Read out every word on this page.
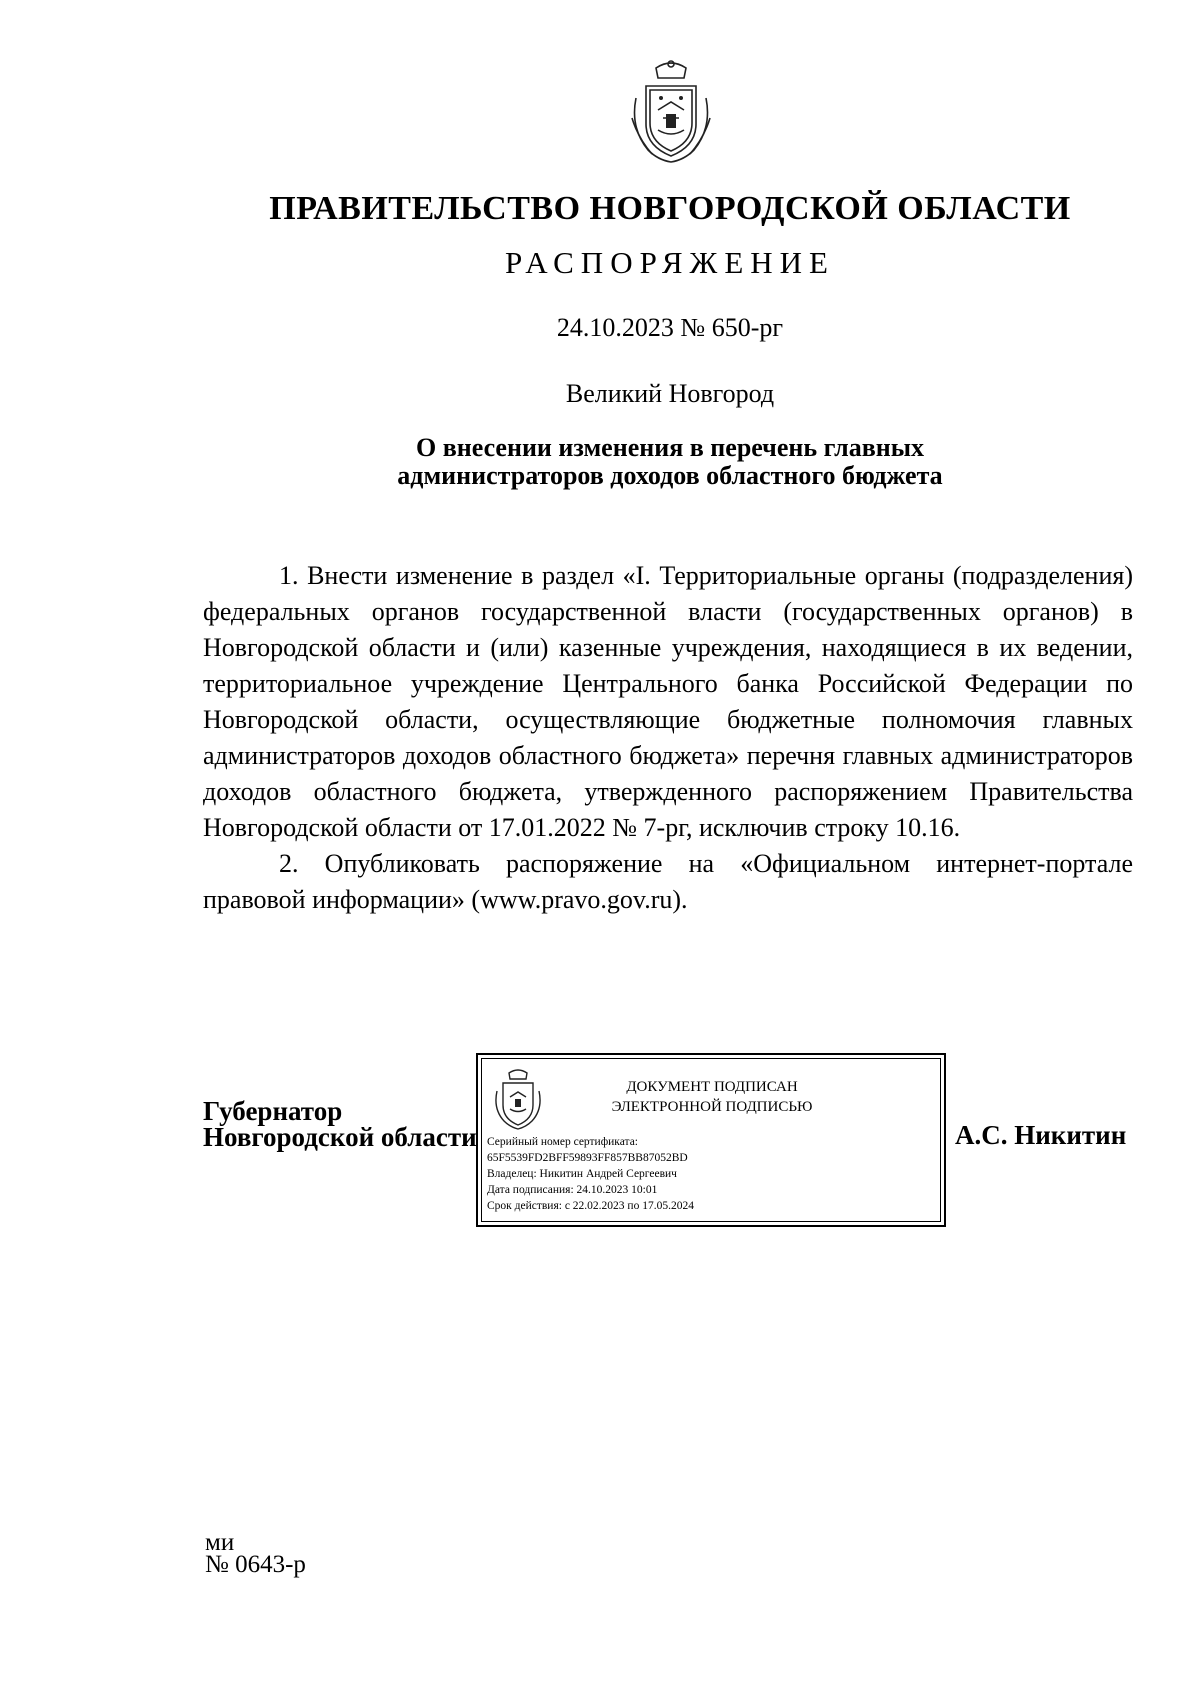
ПРАВИТЕЛЬСТВО НОВГОРОДСКОЙ ОБЛАСТИ
РАСПОРЯЖЕНИЕ
24.10.2023 № 650-рг
Великий Новгород
О внесении изменения в перечень главных
администраторов доходов областного бюджета

1. Внести изменение в раздел «I. Территориальные органы (подразделения) федеральных органов государственной власти (государственных органов) в Новгородской области и (или) казенные учреждения, находящиеся в их ведении, территориальное учреждение Центрального банка Российской Федерации по Новгородской области, осуществляющие бюджетные полномочия главных администраторов доходов областного бюджета» перечня главных администраторов доходов областного бюджета, утвержденного распоряжением Правительства Новгородской области от 17.01.2022 № 7-рг, исключив строку 10.16.

2. Опубликовать распоряжение на «Официальном интернет-портале правовой информации» (www.pravo.gov.ru).

Губернатор
Новгородской области
ДОКУМЕНТ ПОДПИСАН
ЭЛЕКТРОННОЙ ПОДПИСЬЮ
Серийный номер сертификата:
65F5539FD2BFF59893FF857BB87052BD
Владелец: Никитин Андрей Сергеевич
Дата подписания: 24.10.2023 10:01
Срок действия: с 22.02.2023 по 17.05.2024
А.С. Никитин
ми
№ 0643-р
